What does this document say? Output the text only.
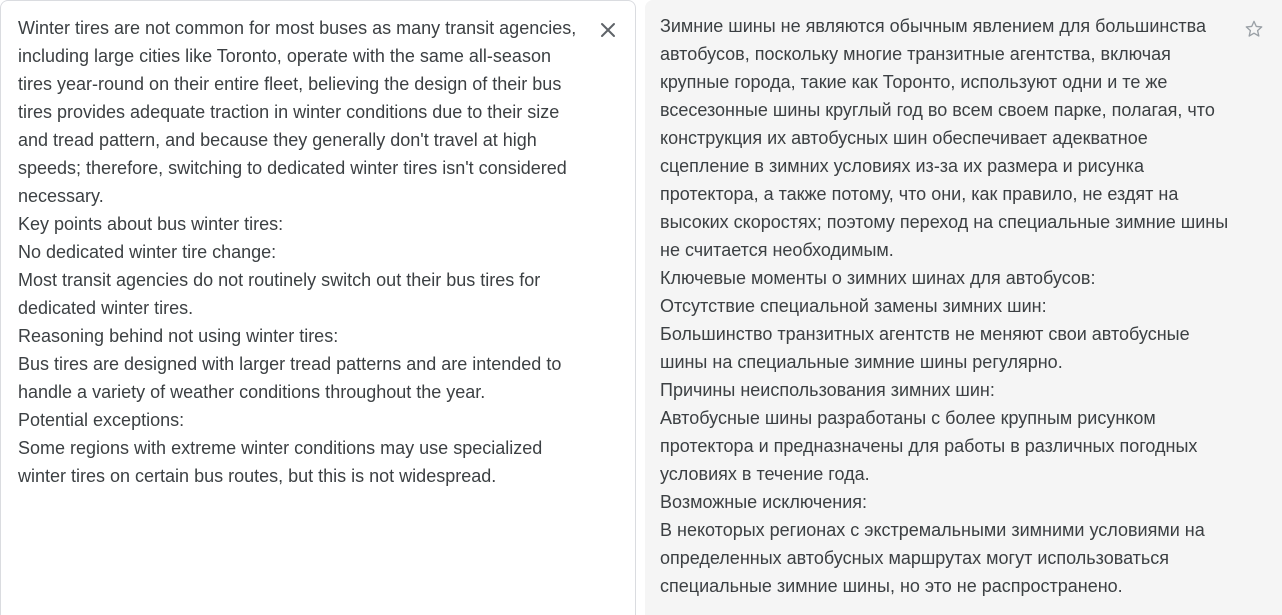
Winter tires are not common for most buses as many transit agencies, including large cities like Toronto, operate with the same all-season tires year-round on their entire fleet, believing the design of their bus tires provides adequate traction in winter conditions due to their size and tread pattern, and because they generally don't travel at high speeds; therefore, switching to dedicated winter tires isn't considered necessary.
Key points about bus winter tires:
No dedicated winter tire change:
Most transit agencies do not routinely switch out their bus tires for dedicated winter tires.
Reasoning behind not using winter tires:
Bus tires are designed with larger tread patterns and are intended to handle a variety of weather conditions throughout the year.
Potential exceptions:
Some regions with extreme winter conditions may use specialized winter tires on certain bus routes, but this is not widespread.

Зимние шины не являются обычным явлением для большинства автобусов, поскольку многие транзитные агентства, включая крупные города, такие как Торонто, используют одни и те же всесезонные шины круглый год во всем своем парке, полагая, что конструкция их автобусных шин обеспечивает адекватное сцепление в зимних условиях из-за их размера и рисунка протектора, а также потому, что они, как правило, не ездят на высоких скоростях; поэтому переход на специальные зимние шины не считается необходимым.
Ключевые моменты о зимних шинах для автобусов:
Отсутствие специальной замены зимних шин:
Большинство транзитных агентств не меняют свои автобусные шины на специальные зимние шины регулярно.
Причины неиспользования зимних шин:
Автобусные шины разработаны с более крупным рисунком протектора и предназначены для работы в различных погодных условиях в течение года.
Возможные исключения:
В некоторых регионах с экстремальными зимними условиями на определенных автобусных маршрутах могут использоваться специальные зимние шины, но это не распространено.
